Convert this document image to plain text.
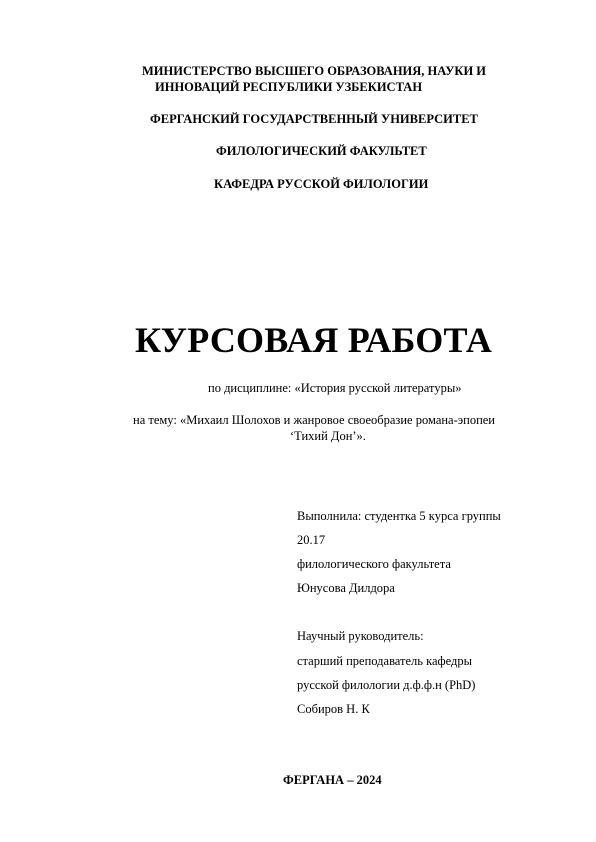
МИНИСТЕРСТВО ВЫСШЕГО ОБРАЗОВАНИЯ, НАУКИ И
ИННОВАЦИЙ РЕСПУБЛИКИ УЗБЕКИСТАН
ФЕРГАНСКИЙ ГОСУДАРСТВЕННЫЙ УНИВЕРСИТЕТ
ФИЛОЛОГИЧЕСКИЙ ФАКУЛЬТЕТ
КАФЕДРА РУССКОЙ ФИЛОЛОГИИ
КУРСОВАЯ РАБОТА
по дисциплине: «История русской литературы»
на тему: «Михаил Шолохов и жанровое своеобразие романа-эпопеи
‘Тихий Дон’».
Выполнила: студентка 5 курса группы
20.17
филологического факультета
Юнусова Дилдора
Научный руководитель:
старший преподаватель кафедры
русской филологии д.ф.ф.н (PhD)
Собиров Н. К
ФЕРГАНА – 2024
